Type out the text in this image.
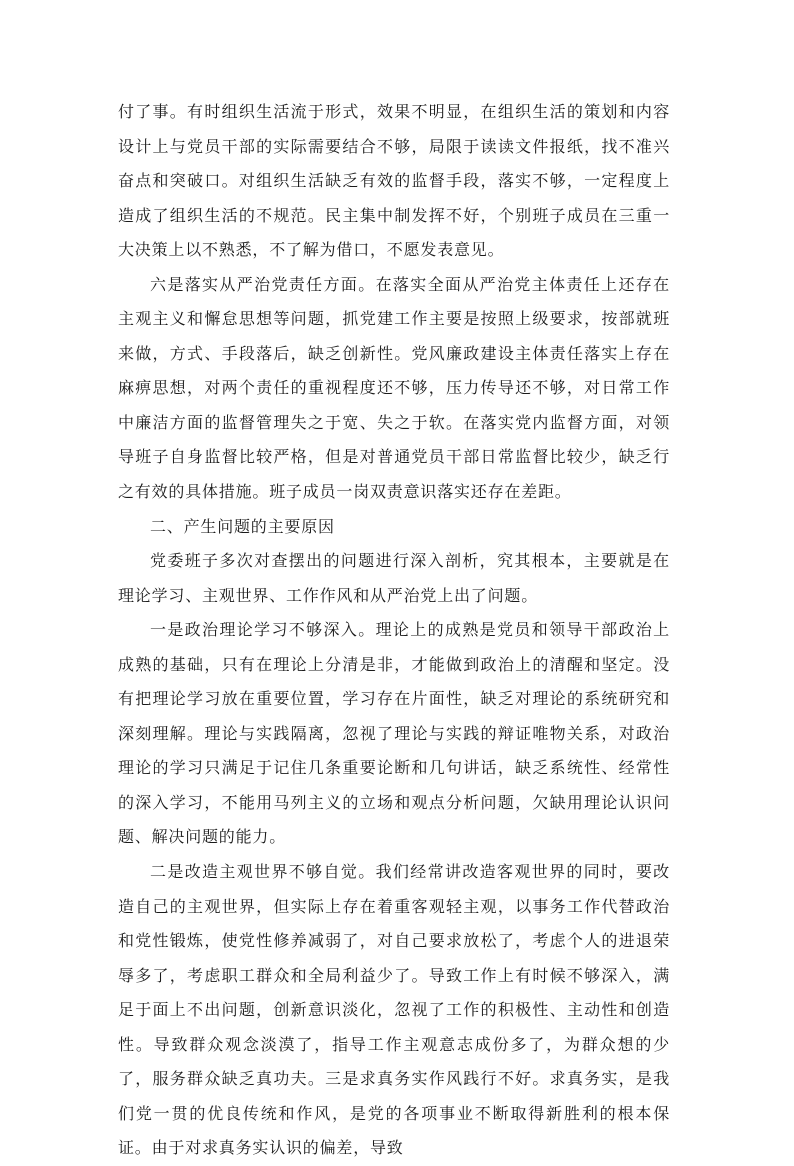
付了事。有时组织生活流于形式，效果不明显，在组织生活的策划和内容设计上与党员干部的实际需要结合不够，局限于读读文件报纸，找不准兴奋点和突破口。对组织生活缺乏有效的监督手段，落实不够，一定程度上造成了组织生活的不规范。民主集中制发挥不好，个别班子成员在三重一大决策上以不熟悉，不了解为借口，不愿发表意见。

六是落实从严治党责任方面。在落实全面从严治党主体责任上还存在主观主义和懈怠思想等问题，抓党建工作主要是按照上级要求，按部就班来做，方式、手段落后，缺乏创新性。党风廉政建设主体责任落实上存在麻痹思想，对两个责任的重视程度还不够，压力传导还不够，对日常工作中廉洁方面的监督管理失之于宽、失之于软。在落实党内监督方面，对领导班子自身监督比较严格，但是对普通党员干部日常监督比较少，缺乏行之有效的具体措施。班子成员一岗双责意识落实还存在差距。

二、产生问题的主要原因

党委班子多次对查摆出的问题进行深入剖析，究其根本，主要就是在理论学习、主观世界、工作作风和从严治党上出了问题。

一是政治理论学习不够深入。理论上的成熟是党员和领导干部政治上成熟的基础，只有在理论上分清是非，才能做到政治上的清醒和坚定。没有把理论学习放在重要位置，学习存在片面性，缺乏对理论的系统研究和深刻理解。理论与实践隔离，忽视了理论与实践的辩证唯物关系，对政治理论的学习只满足于记住几条重要论断和几句讲话，缺乏系统性、经常性的深入学习，不能用马列主义的立场和观点分析问题，欠缺用理论认识问题、解决问题的能力。

二是改造主观世界不够自觉。我们经常讲改造客观世界的同时，要改造自己的主观世界，但实际上存在着重客观轻主观，以事务工作代替政治和党性锻炼，使党性修养减弱了，对自己要求放松了，考虑个人的进退荣辱多了，考虑职工群众和全局利益少了。导致工作上有时候不够深入，满足于面上不出问题，创新意识淡化，忽视了工作的积极性、主动性和创造性。导致群众观念淡漠了，指导工作主观意志成份多了，为群众想的少了，服务群众缺乏真功夫。三是求真务实作风践行不好。求真务实，是我们党一贯的优良传统和作风，是党的各项事业不断取得新胜利的根本保证。由于对求真务实认识的偏差，导致
